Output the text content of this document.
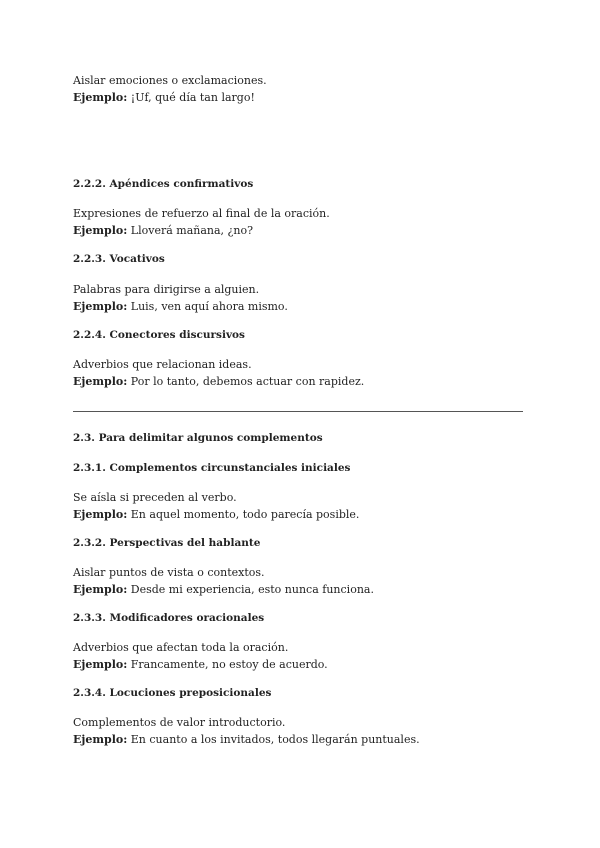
Aislar emociones o exclamaciones.

Ejemplo: ¡Uf, qué día tan largo!

2.2.2. Apéndices confirmativos

Expresiones de refuerzo al final de la oración.

Ejemplo: Lloverá mañana, ¿no?

2.2.3. Vocativos

Palabras para dirigirse a alguien.

Ejemplo: Luis, ven aquí ahora mismo.

2.2.4. Conectores discursivos

Adverbios que relacionan ideas.

Ejemplo: Por lo tanto, debemos actuar con rapidez.

2.3. Para delimitar algunos complementos

2.3.1. Complementos circunstanciales iniciales

Se aísla si preceden al verbo.

Ejemplo: En aquel momento, todo parecía posible.

2.3.2. Perspectivas del hablante

Aislar puntos de vista o contextos.

Ejemplo: Desde mi experiencia, esto nunca funciona.

2.3.3. Modificadores oracionales

Adverbios que afectan toda la oración.

Ejemplo: Francamente, no estoy de acuerdo.

2.3.4. Locuciones preposicionales

Complementos de valor introductorio.

Ejemplo: En cuanto a los invitados, todos llegarán puntuales.
